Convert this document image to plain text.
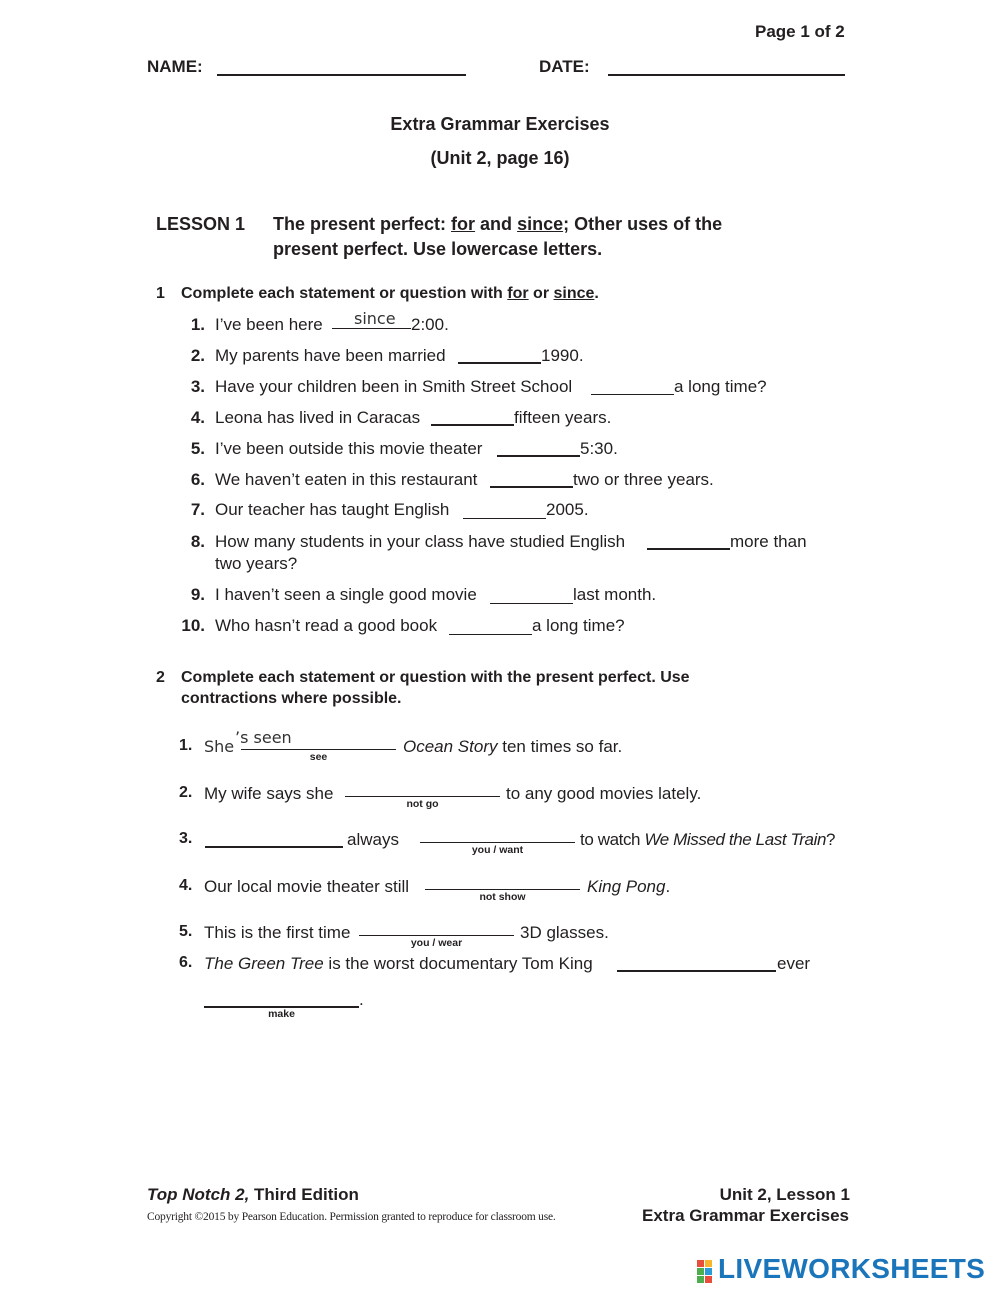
Page 1 of 2
NAME:	DATE:
Extra Grammar Exercises
(Unit 2, page 16)
LESSON 1 The present perfect: for and since; Other uses of the
present perfect. Use lowercase letters.
1 Complete each statement or question with for or since.
1. I’ve been here since 2:00.
2. My parents have been married	1990.
3. Have your children been in Smith Street School	a long time?
4. Leona has lived in Caracas	fifteen years.
5. I’ve been outside this movie theater	5:30.
6. We haven’t eaten in this restaurant	two or three years.
7. Our teacher has taught English	2005.
8. How many students in your class have studied English	more than
two years?
9. I haven’t seen a single good movie	last month.
10. Who hasn’t read a good book	a long time?
2 Complete each statement or question with the present perfect. Use
contractions where possible.
1. She ’s seen
see
Ocean Story ten times so far.
2. My wife says she
not go
to any good movies lately.
3.	always
you / want
to watch We Missed the Last Train?
4. Our local movie theater still
not show
King Pong.
5. This is the first time
you / wear
3D glasses.
6. The Green Tree is the worst documentary Tom King	ever
.
make
Top Notch 2, Third Edition
Copyright ©2015 by Pearson Education. Permission granted to reproduce for classroom use.
Unit 2, Lesson 1
Extra Grammar Exercises
LIVEWORKSHEETS
